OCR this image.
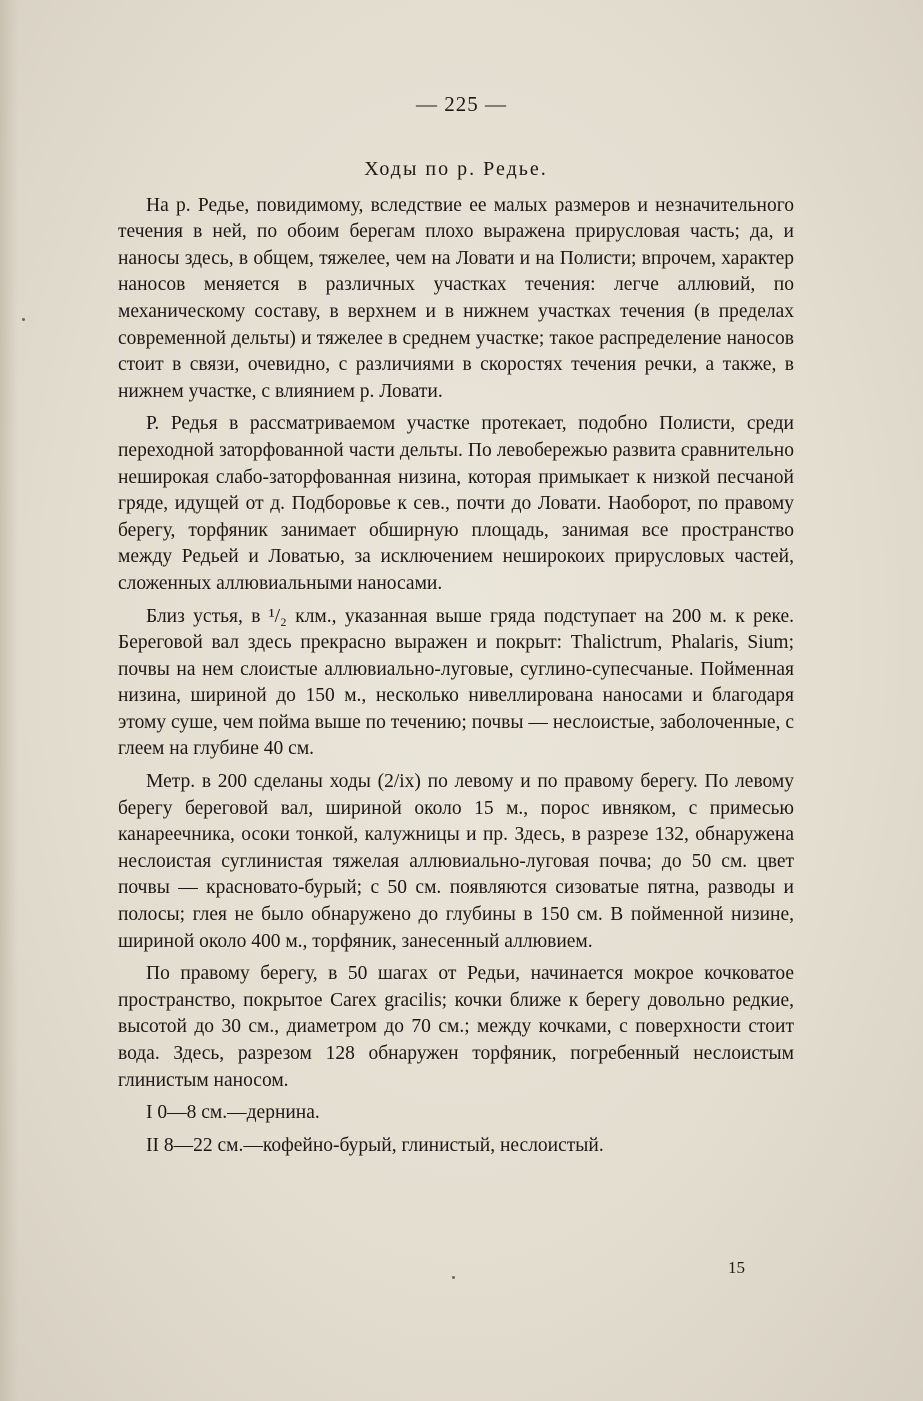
— 225 —
Ходы по р. Редье.

На р. Редье, повидимому, вследствие ее малых размеров и незначительного течения в ней, по обоим берегам плохо выражена прирусловая часть; да, и наносы здесь, в общем, тяжелее, чем на Ловати и на Полисти; впрочем, характер наносов меняется в различных участках течения: легче аллювий, по механическому составу, в верхнем и в нижнем участках течения (в пределах современной дельты) и тяжелее в среднем участке; такое распределение наносов стоит в связи, очевидно, с различиями в скоростях течения речки, а также, в нижнем участке, с влиянием р. Ловати.

Р. Редья в рассматриваемом участке протекает, подобно Полисти, среди переходной заторфованной части дельты. По левобережью развита сравнительно неширокая слабо-заторфованная низина, которая примыкает к низкой песчаной гряде, идущей от д. Подборовье к сев., почти до Ловати. Наоборот, по правому берегу, торфяник занимает обширную площадь, занимая все пространство между Редьей и Ловатью, за исключением неширокоих прирусловых частей, сложенных аллювиальными наносами.

Близ устья, в ¹/₂ клм., указанная выше гряда подступает на 200 м. к реке. Береговой вал здесь прекрасно выражен и покрыт: Thalictrum, Phalaris, Sium; почвы на нем слоистые аллювиально-луговые, суглино-супесчаные. Пойменная низина, шириной до 150 м., несколько нивеллирована наносами и благодаря этому суше, чем пойма выше по течению; почвы — неслоистые, заболоченные, с глеем на глубине 40 см.

Метр. в 200 сделаны ходы (2/ix) по левому и по правому берегу. По левому берегу береговой вал, шириной около 15 м., порос ивняком, с примесью канареечника, осоки тонкой, калужницы и пр. Здесь, в разрезе 132, обнаружена неслоистая суглинистая тяжелая аллювиально-луговая почва; до 50 см. цвет почвы — красновато-бурый; с 50 см. появляются сизоватые пятна, разводы и полосы; глея не было обнаружено до глубины в 150 см. В пойменной низине, шириной около 400 м., торфяник, занесенный аллювием.

По правому берегу, в 50 шагах от Редьи, начинается мокрое кочковатое пространство, покрытое Carex gracilis; кочки ближе к берегу довольно редкие, высотой до 30 см., диаметром до 70 см.; между кочками, с поверхности стоит вода. Здесь, разрезом 128 обнаружен торфяник, погребенный неслоистым глинистым наносом.

I 0—8 см.—дернина.
II 8—22 см.—кофейно-бурый, глинистый, неслоистый.
15
